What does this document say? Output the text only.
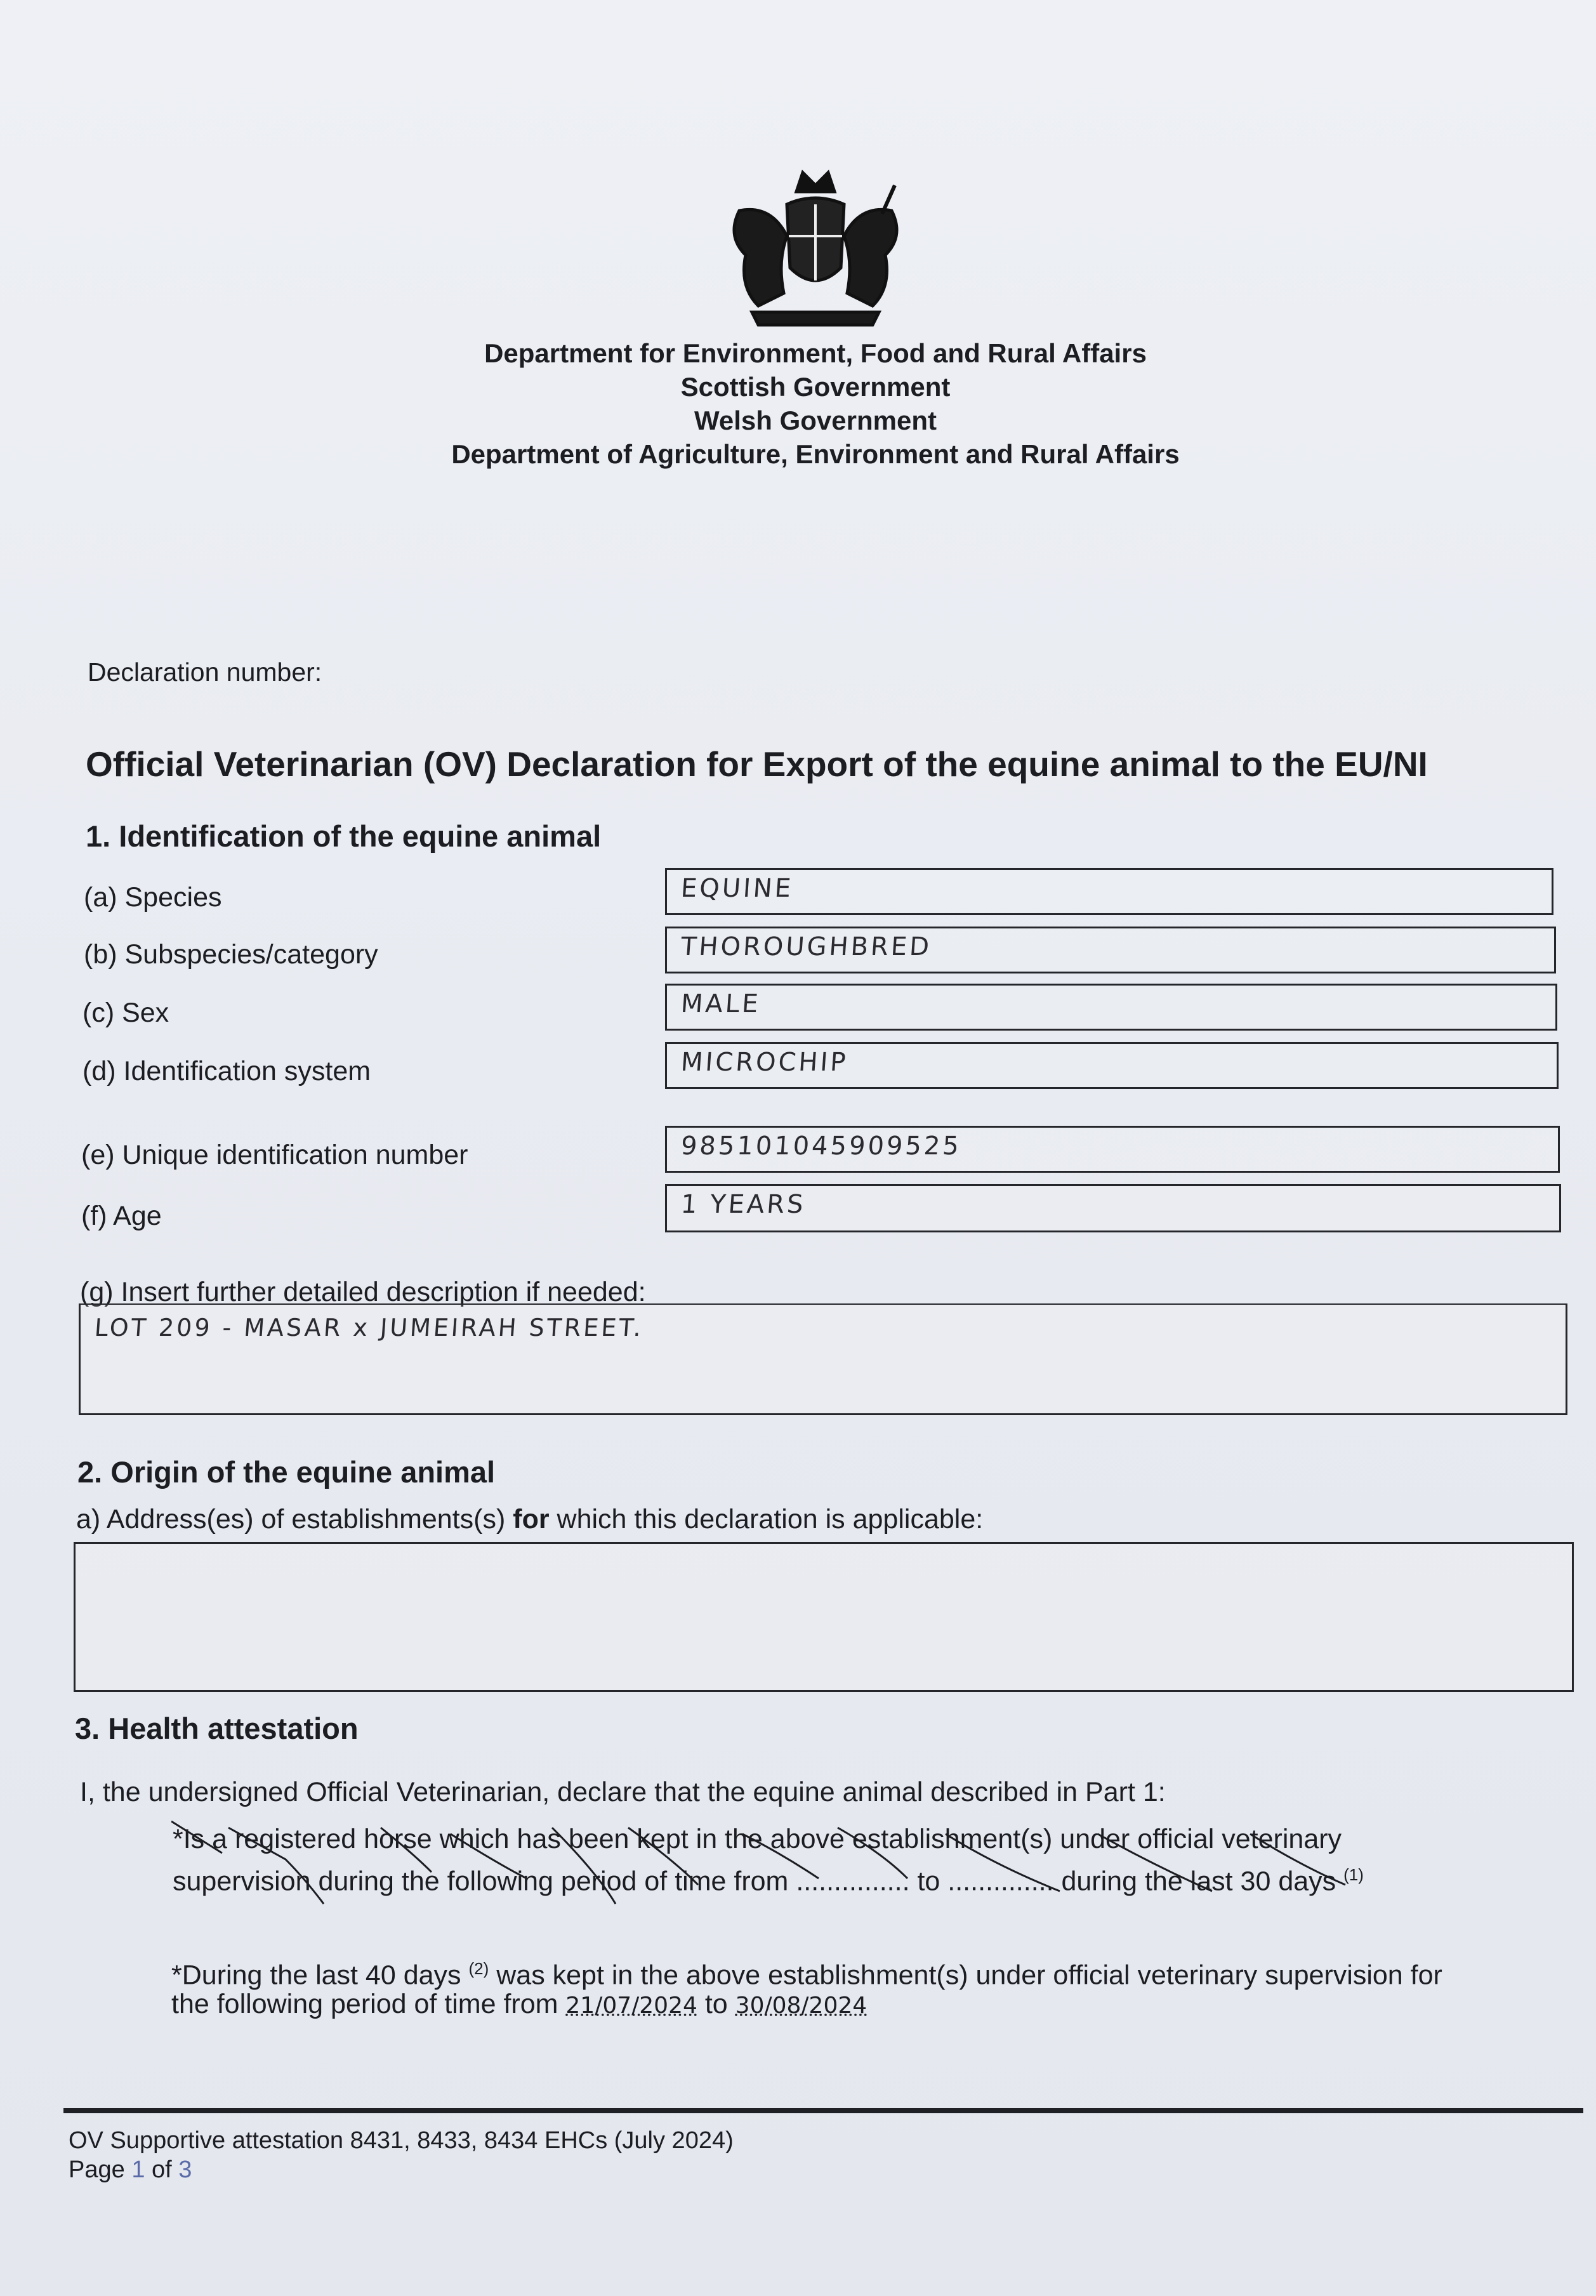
Department for Environment, Food and Rural Affairs
Scottish Government
Welsh Government
Department of Agriculture, Environment and Rural Affairs
Declaration number:
Official Veterinarian (OV) Declaration for Export of the equine animal to the EU/NI
1. Identification of the equine animal
(a) Species	EQUINE
(b) Subspecies/category	THOROUGHBRED
(c) Sex	MALE
(d) Identification system	MICROCHIP
(e) Unique identification number	985101045909525
(f) Age	1 YEARS
(g) Insert further detailed description if needed:
LOT 209 - MASAR x JUMEIRAH STREET.
2. Origin of the equine animal
a) Address(es) of establishments(s) for which this declaration is applicable:
3. Health attestation
I, the undersigned Official Veterinarian, declare that the equine animal described in Part 1:
*Is a registered horse which has been kept in the above establishment(s) under official veterinary
supervision during the following period of time from ............... to .............. during the last 30 days $^{(1)}$
*During the last 40 days $^{(2)}$ was kept in the above establishment(s) under official veterinary supervision for
the following period of time from 21/07/2024 to 30/08/2024
OV Supportive attestation 8431, 8433, 8434 EHCs (July 2024)
Page 1 of 3
